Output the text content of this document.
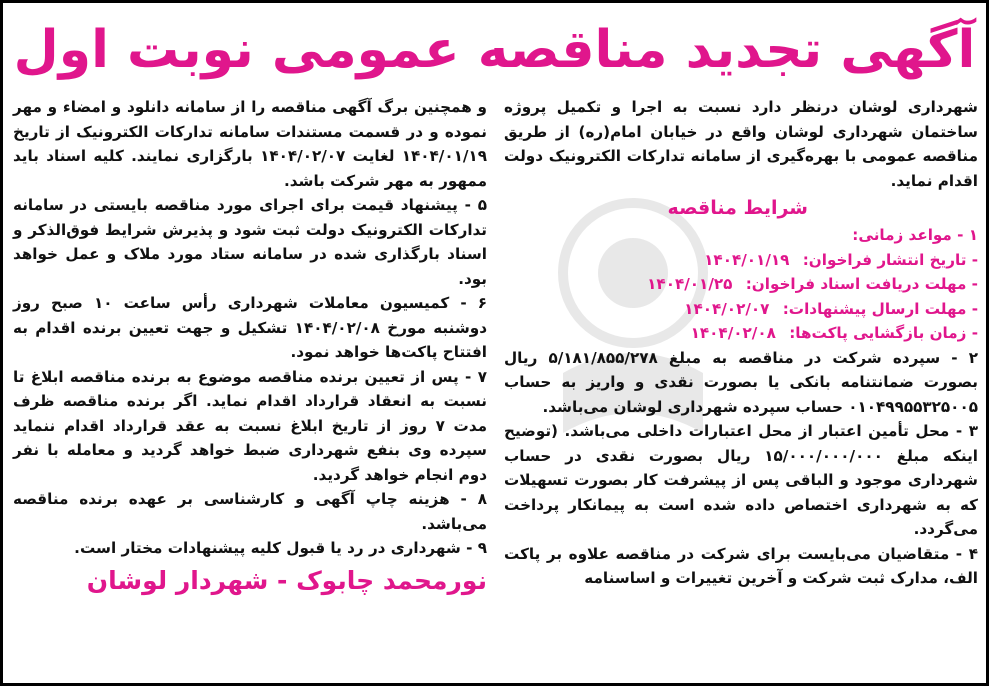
آگهی تجدید مناقصه عمومی نوبت اول

شهرداری لوشان درنظر دارد نسبت به اجرا و تکمیل پروژه ساختمان شهرداری لوشان واقع در خیابان امام(ره) از طریق مناقصه عمومی با بهره‌گیری از سامانه تدارکات الکترونیک دولت اقدام نماید.

شرایط مناقصه

۱ - مواعد زمانی:

- تاریخ انتشار فراخوان: ۱۴۰۴/۰۱/۱۹

- مهلت دریافت اسناد فراخوان: ۱۴۰۴/۰۱/۲۵

- مهلت ارسال پیشنهادات: ۱۴۰۴/۰۲/۰۷

- زمان بازگشایی پاکت‌ها: ۱۴۰۴/۰۲/۰۸

۲ - سپرده شرکت در مناقصه به مبلغ ۵/۱۸۱/۸۵۵/۲۷۸ ریال بصورت ضمانتنامه بانکی یا بصورت نقدی و واریز به حساب ۰۱۰۴۹۹۵۵۳۲۵۰۰۵ حساب سپرده شهرداری لوشان می‌باشد.

۳ - محل تأمین اعتبار از محل اعتبارات داخلی می‌باشد. (توضیح اینکه مبلغ ۱۵/۰۰۰/۰۰۰/۰۰۰ ریال بصورت نقدی در حساب شهرداری موجود و الباقی پس از پیشرفت کار بصورت تسهیلات که به شهرداری اختصاص داده شده است به پیمانکار پرداخت می‌گردد.

۴ - متقاضیان می‌بایست برای شرکت در مناقصه علاوه بر پاکت الف، مدارک ثبت شرکت و آخرین تغییرات و اساسنامه

و همچنین برگ آگهی مناقصه را از سامانه دانلود و امضاء و مهر نموده و در قسمت مستندات سامانه تدارکات الکترونیک از تاریخ ۱۴۰۴/۰۱/۱۹ لغایت ۱۴۰۴/۰۲/۰۷ بارگزاری نمایند. کلیه اسناد باید ممهور به مهر شرکت باشد.

۵ - پیشنهاد قیمت برای اجرای مورد مناقصه بایستی در سامانه تدارکات الکترونیک دولت ثبت شود و پذیرش شرایط فوق‌الذکر و اسناد بارگذاری شده در سامانه ستاد مورد ملاک و عمل خواهد بود.

۶ - کمیسیون معاملات شهرداری رأس ساعت ۱۰ صبح روز دوشنبه مورخ ۱۴۰۴/۰۲/۰۸ تشکیل و جهت تعیین برنده اقدام به افتتاح پاکت‌ها خواهد نمود.

۷ - پس از تعیین برنده مناقصه موضوع به برنده مناقصه ابلاغ تا نسبت به انعقاد قرارداد اقدام نماید. اگر برنده مناقصه ظرف مدت ۷ روز از تاریخ ابلاغ نسبت به عقد قرارداد اقدام ننماید سپرده وی بنفع شهرداری ضبط خواهد گردید و معامله با نفر دوم انجام خواهد گردید.

۸ - هزینه چاپ آگهی و کارشناسی بر عهده برنده مناقصه می‌باشد.

۹ - شهرداری در رد یا قبول کلیه پیشنهادات مختار است.

نورمحمد چابوک - شهردار لوشان
